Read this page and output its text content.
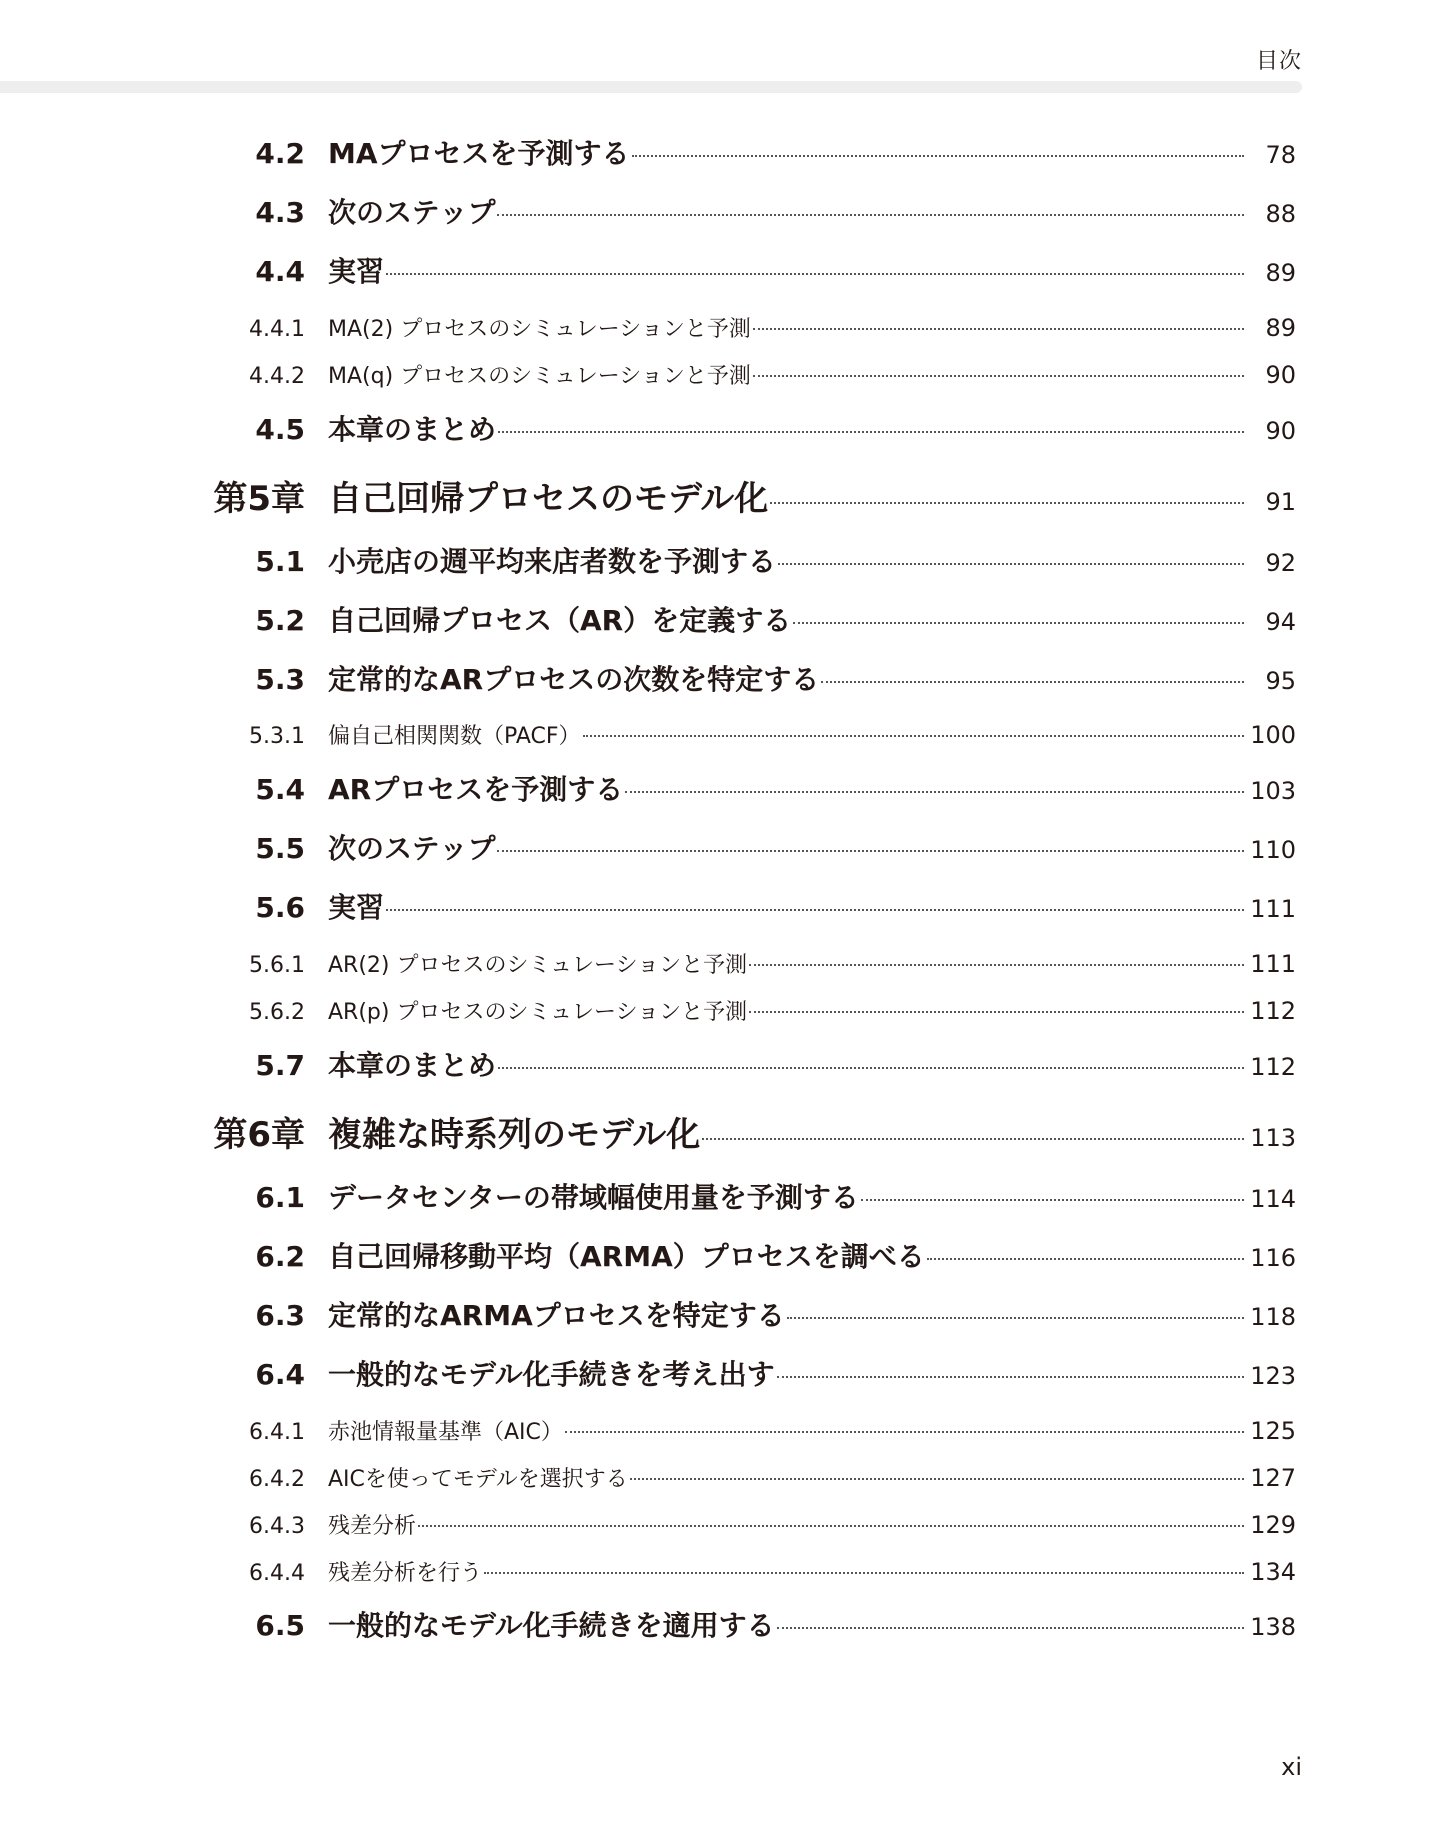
目次
4.2 MAプロセスを予測する	78
4.3 次のステップ	88
4.4 実習	89
4.4.1	MA(2) プロセスのシミュレーションと予測	89
4.4.2	MA(q) プロセスのシミュレーションと予測	90
4.5 本章のまとめ	90
第5章 自己回帰プロセスのモデル化	91
5.1 小売店の週平均来店者数を予測する	92
5.2 自己回帰プロセス（AR）を定義する	94
5.3 定常的なARプロセスの次数を特定する	95
5.3.1	偏自己相関関数（PACF）	100
5.4 ARプロセスを予測する	103
5.5 次のステップ	110
5.6 実習	111
5.6.1	AR(2) プロセスのシミュレーションと予測	111
5.6.2	AR(p) プロセスのシミュレーションと予測	112
5.7 本章のまとめ	112
第6章 複雑な時系列のモデル化	113
6.1 データセンターの帯域幅使用量を予測する	114
6.2 自己回帰移動平均（ARMA）プロセスを調べる	116
6.3 定常的なARMAプロセスを特定する	118
6.4 一般的なモデル化手続きを考え出す	123
6.4.1	赤池情報量基準（AIC）	125
6.4.2	AICを使ってモデルを選択する	127
6.4.3	残差分析	129
6.4.4	残差分析を行う	134
6.5 一般的なモデル化手続きを適用する	138
xi
